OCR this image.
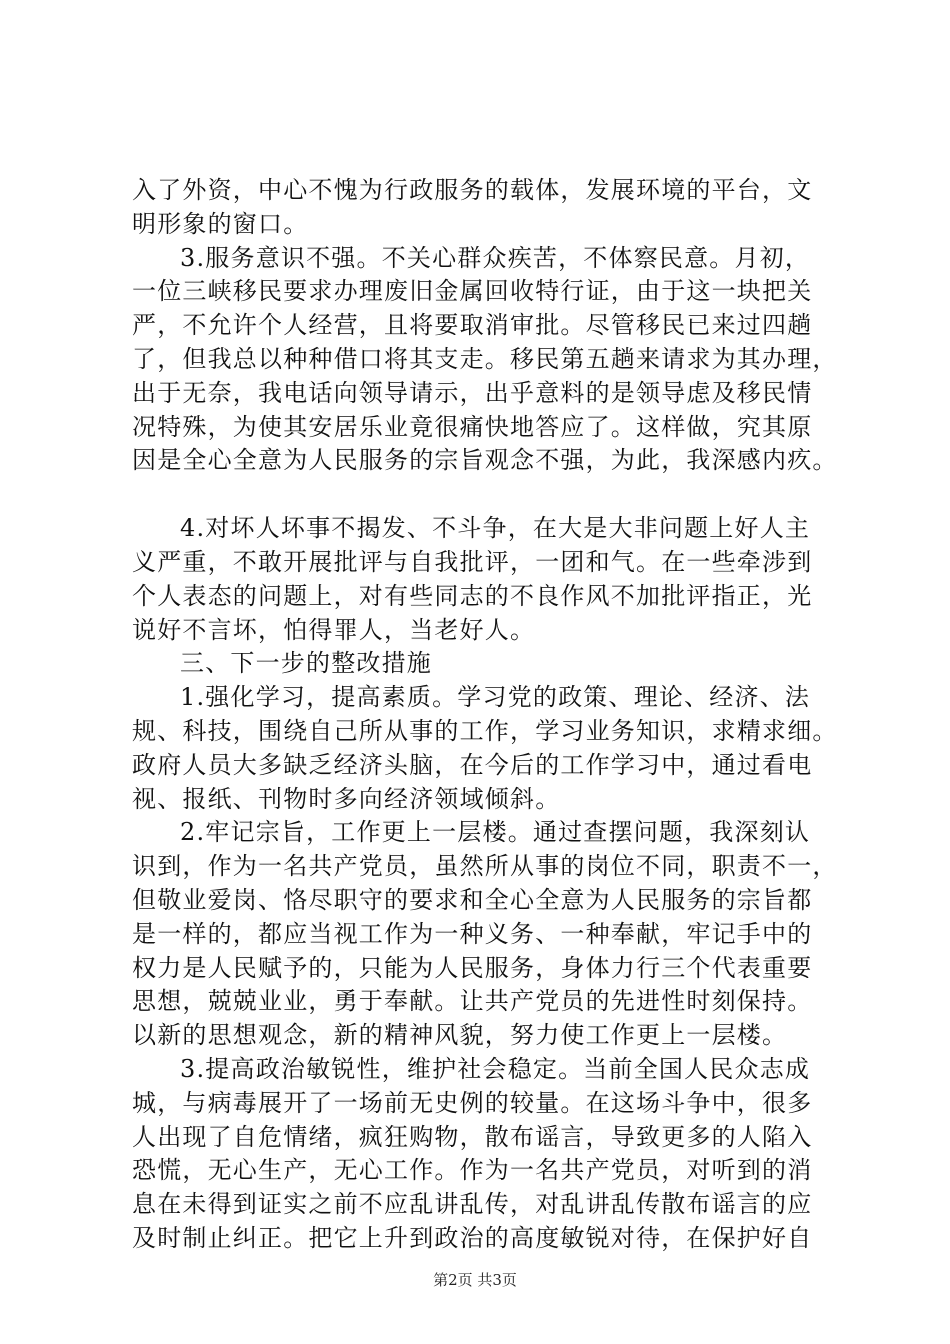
入了外资，中心不愧为行政服务的载体，发展环境的平台，文
明形象的窗口。
3.服务意识不强。不关心群众疾苦，不体察民意。月初，
一位三峡移民要求办理废旧金属回收特行证，由于这一块把关
严，不允许个人经营，且将要取消审批。尽管移民已来过四趟
了，但我总以种种借口将其支走。移民第五趟来请求为其办理，
出于无奈，我电话向领导请示，出乎意料的是领导虑及移民情
况特殊，为使其安居乐业竟很痛快地答应了。这样做，究其原
因是全心全意为人民服务的宗旨观念不强，为此，我深感内疚。
4.对坏人坏事不揭发、不斗争，在大是大非问题上好人主
义严重，不敢开展批评与自我批评，一团和气。在一些牵涉到
个人表态的问题上，对有些同志的不良作风不加批评指正，光
说好不言坏，怕得罪人，当老好人。
三、下一步的整改措施
1.强化学习，提高素质。学习党的政策、理论、经济、法
规、科技，围绕自己所从事的工作，学习业务知识，求精求细。
政府人员大多缺乏经济头脑，在今后的工作学习中，通过看电
视、报纸、刊物时多向经济领域倾斜。
2.牢记宗旨，工作更上一层楼。通过查摆问题，我深刻认
识到，作为一名共产党员，虽然所从事的岗位不同，职责不一，
但敬业爱岗、恪尽职守的要求和全心全意为人民服务的宗旨都
是一样的，都应当视工作为一种义务、一种奉献，牢记手中的
权力是人民赋予的，只能为人民服务，身体力行三个代表重要
思想，兢兢业业，勇于奉献。让共产党员的先进性时刻保持。
以新的思想观念，新的精神风貌，努力使工作更上一层楼。
3.提高政治敏锐性，维护社会稳定。当前全国人民众志成
城，与病毒展开了一场前无史例的较量。在这场斗争中，很多
人出现了自危情绪，疯狂购物，散布谣言，导致更多的人陷入
恐慌，无心生产，无心工作。作为一名共产党员，对听到的消
息在未得到证实之前不应乱讲乱传，对乱讲乱传散布谣言的应
及时制止纠正。把它上升到政治的高度敏锐对待，在保护好自
第2页 共3页
